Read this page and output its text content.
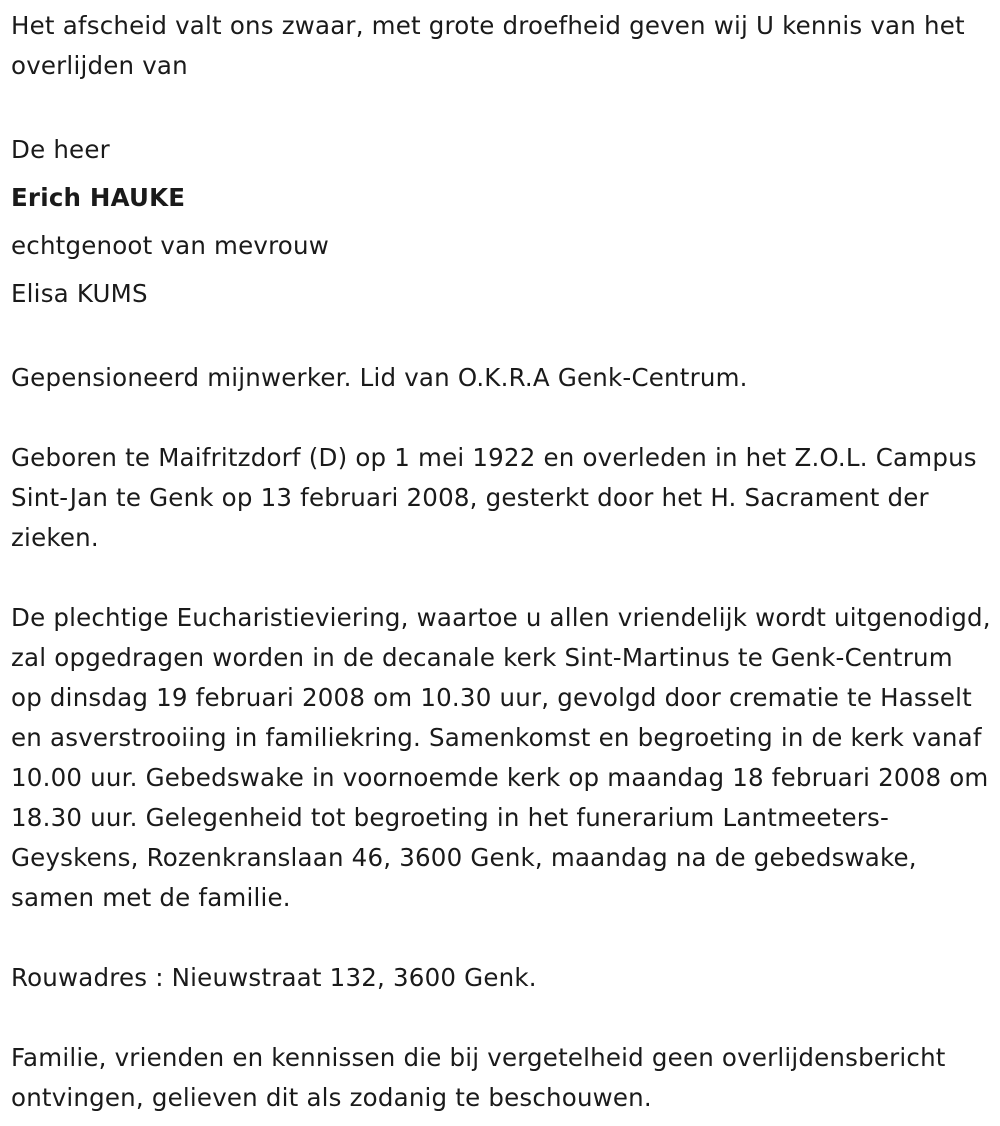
Het afscheid valt ons zwaar, met grote droefheid geven wij U kennis van het overlijden van

De heer
Erich HAUKE
echtgenoot van mevrouw
Elisa KUMS

Gepensioneerd mijnwerker. Lid van O.K.R.A Genk-Centrum.

Geboren te Maifritzdorf (D) op 1 mei 1922 en overleden in het Z.O.L. Campus Sint-Jan te Genk op 13 februari 2008, gesterkt door het H. Sacrament der zieken.

De plechtige Eucharistieviering, waartoe u allen vriendelijk wordt uitgenodigd, zal opgedragen worden in de decanale kerk Sint-Martinus te Genk-Centrum op dinsdag 19 februari 2008 om 10.30 uur, gevolgd door crematie te Hasselt en asverstrooiing in familiekring. Samenkomst en begroeting in de kerk vanaf 10.00 uur. Gebedswake in voornoemde kerk op maandag 18 februari 2008 om 18.30 uur. Gelegenheid tot begroeting in het funerarium Lantmeeters-Geyskens, Rozenkranslaan 46, 3600 Genk, maandag na de gebedswake, samen met de familie.

Rouwadres : Nieuwstraat 132, 3600 Genk.

Familie, vrienden en kennissen die bij vergetelheid geen overlijdensbericht ontvingen, gelieven dit als zodanig te beschouwen.
